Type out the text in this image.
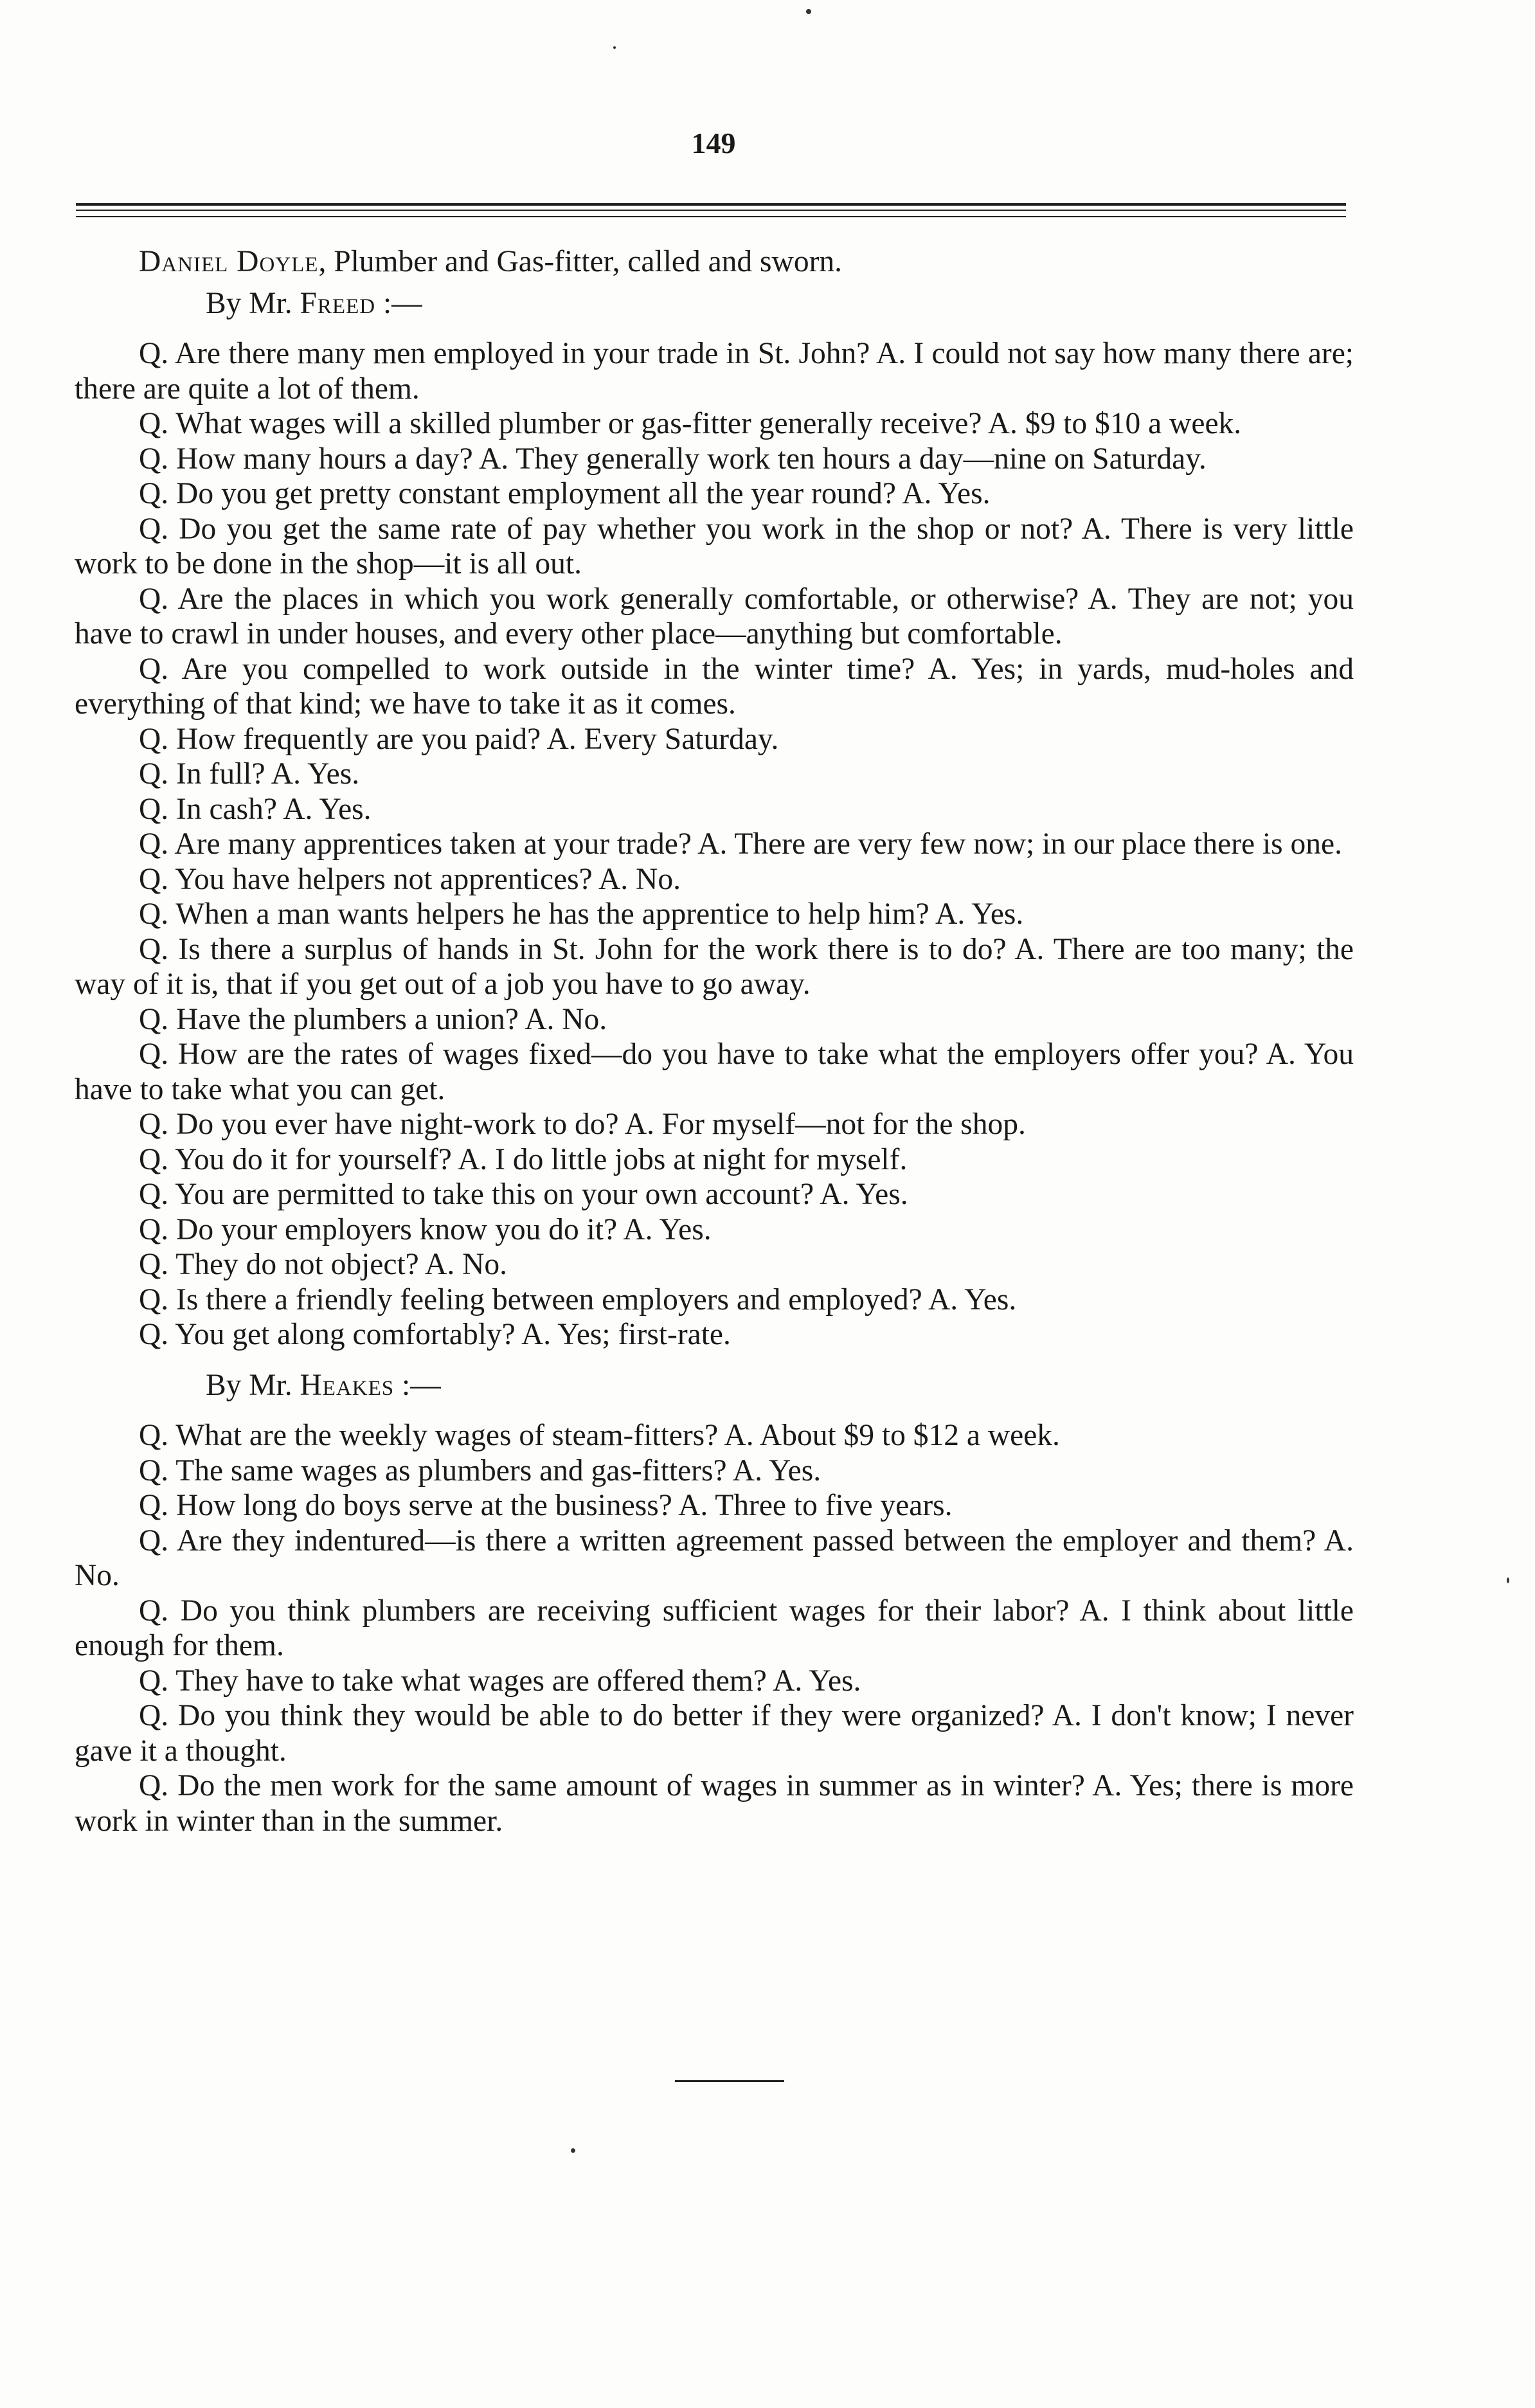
149

Daniel Doyle, Plumber and Gas-fitter, called and sworn.

By Mr. Freed :—

Q. Are there many men employed in your trade in St. John? A. I could not say how many there are; there are quite a lot of them.

Q. What wages will a skilled plumber or gas-fitter generally receive? A. $9 to $10 a week.

Q. How many hours a day? A. They generally work ten hours a day—nine on Saturday.

Q. Do you get pretty constant employment all the year round? A. Yes.

Q. Do you get the same rate of pay whether you work in the shop or not? A. There is very little work to be done in the shop—it is all out.

Q. Are the places in which you work generally comfortable, or otherwise? A. They are not; you have to crawl in under houses, and every other place—anything but comfortable.

Q. Are you compelled to work outside in the winter time? A. Yes; in yards, mud-holes and everything of that kind; we have to take it as it comes.

Q. How frequently are you paid? A. Every Saturday.

Q. In full? A. Yes.

Q. In cash? A. Yes.

Q. Are many apprentices taken at your trade? A. There are very few now; in our place there is one.

Q. You have helpers not apprentices? A. No.

Q. When a man wants helpers he has the apprentice to help him? A. Yes.

Q. Is there a surplus of hands in St. John for the work there is to do? A. There are too many; the way of it is, that if you get out of a job you have to go away.

Q. Have the plumbers a union? A. No.

Q. How are the rates of wages fixed—do you have to take what the employers offer you? A. You have to take what you can get.

Q. Do you ever have night-work to do? A. For myself—not for the shop.

Q. You do it for yourself? A. I do little jobs at night for myself.

Q. You are permitted to take this on your own account? A. Yes.

Q. Do your employers know you do it? A. Yes.

Q. They do not object? A. No.

Q. Is there a friendly feeling between employers and employed? A. Yes.

Q. You get along comfortably? A. Yes; first-rate.

By Mr. Heakes :—

Q. What are the weekly wages of steam-fitters? A. About $9 to $12 a week.

Q. The same wages as plumbers and gas-fitters? A. Yes.

Q. How long do boys serve at the business? A. Three to five years.

Q. Are they indentured—is there a written agreement passed between the employer and them? A. No.

Q. Do you think plumbers are receiving sufficient wages for their labor? A. I think about little enough for them.

Q. They have to take what wages are offered them? A. Yes.

Q. Do you think they would be able to do better if they were organized? A. I don't know; I never gave it a thought.

Q. Do the men work for the same amount of wages in summer as in winter? A. Yes; there is more work in winter than in the summer.
